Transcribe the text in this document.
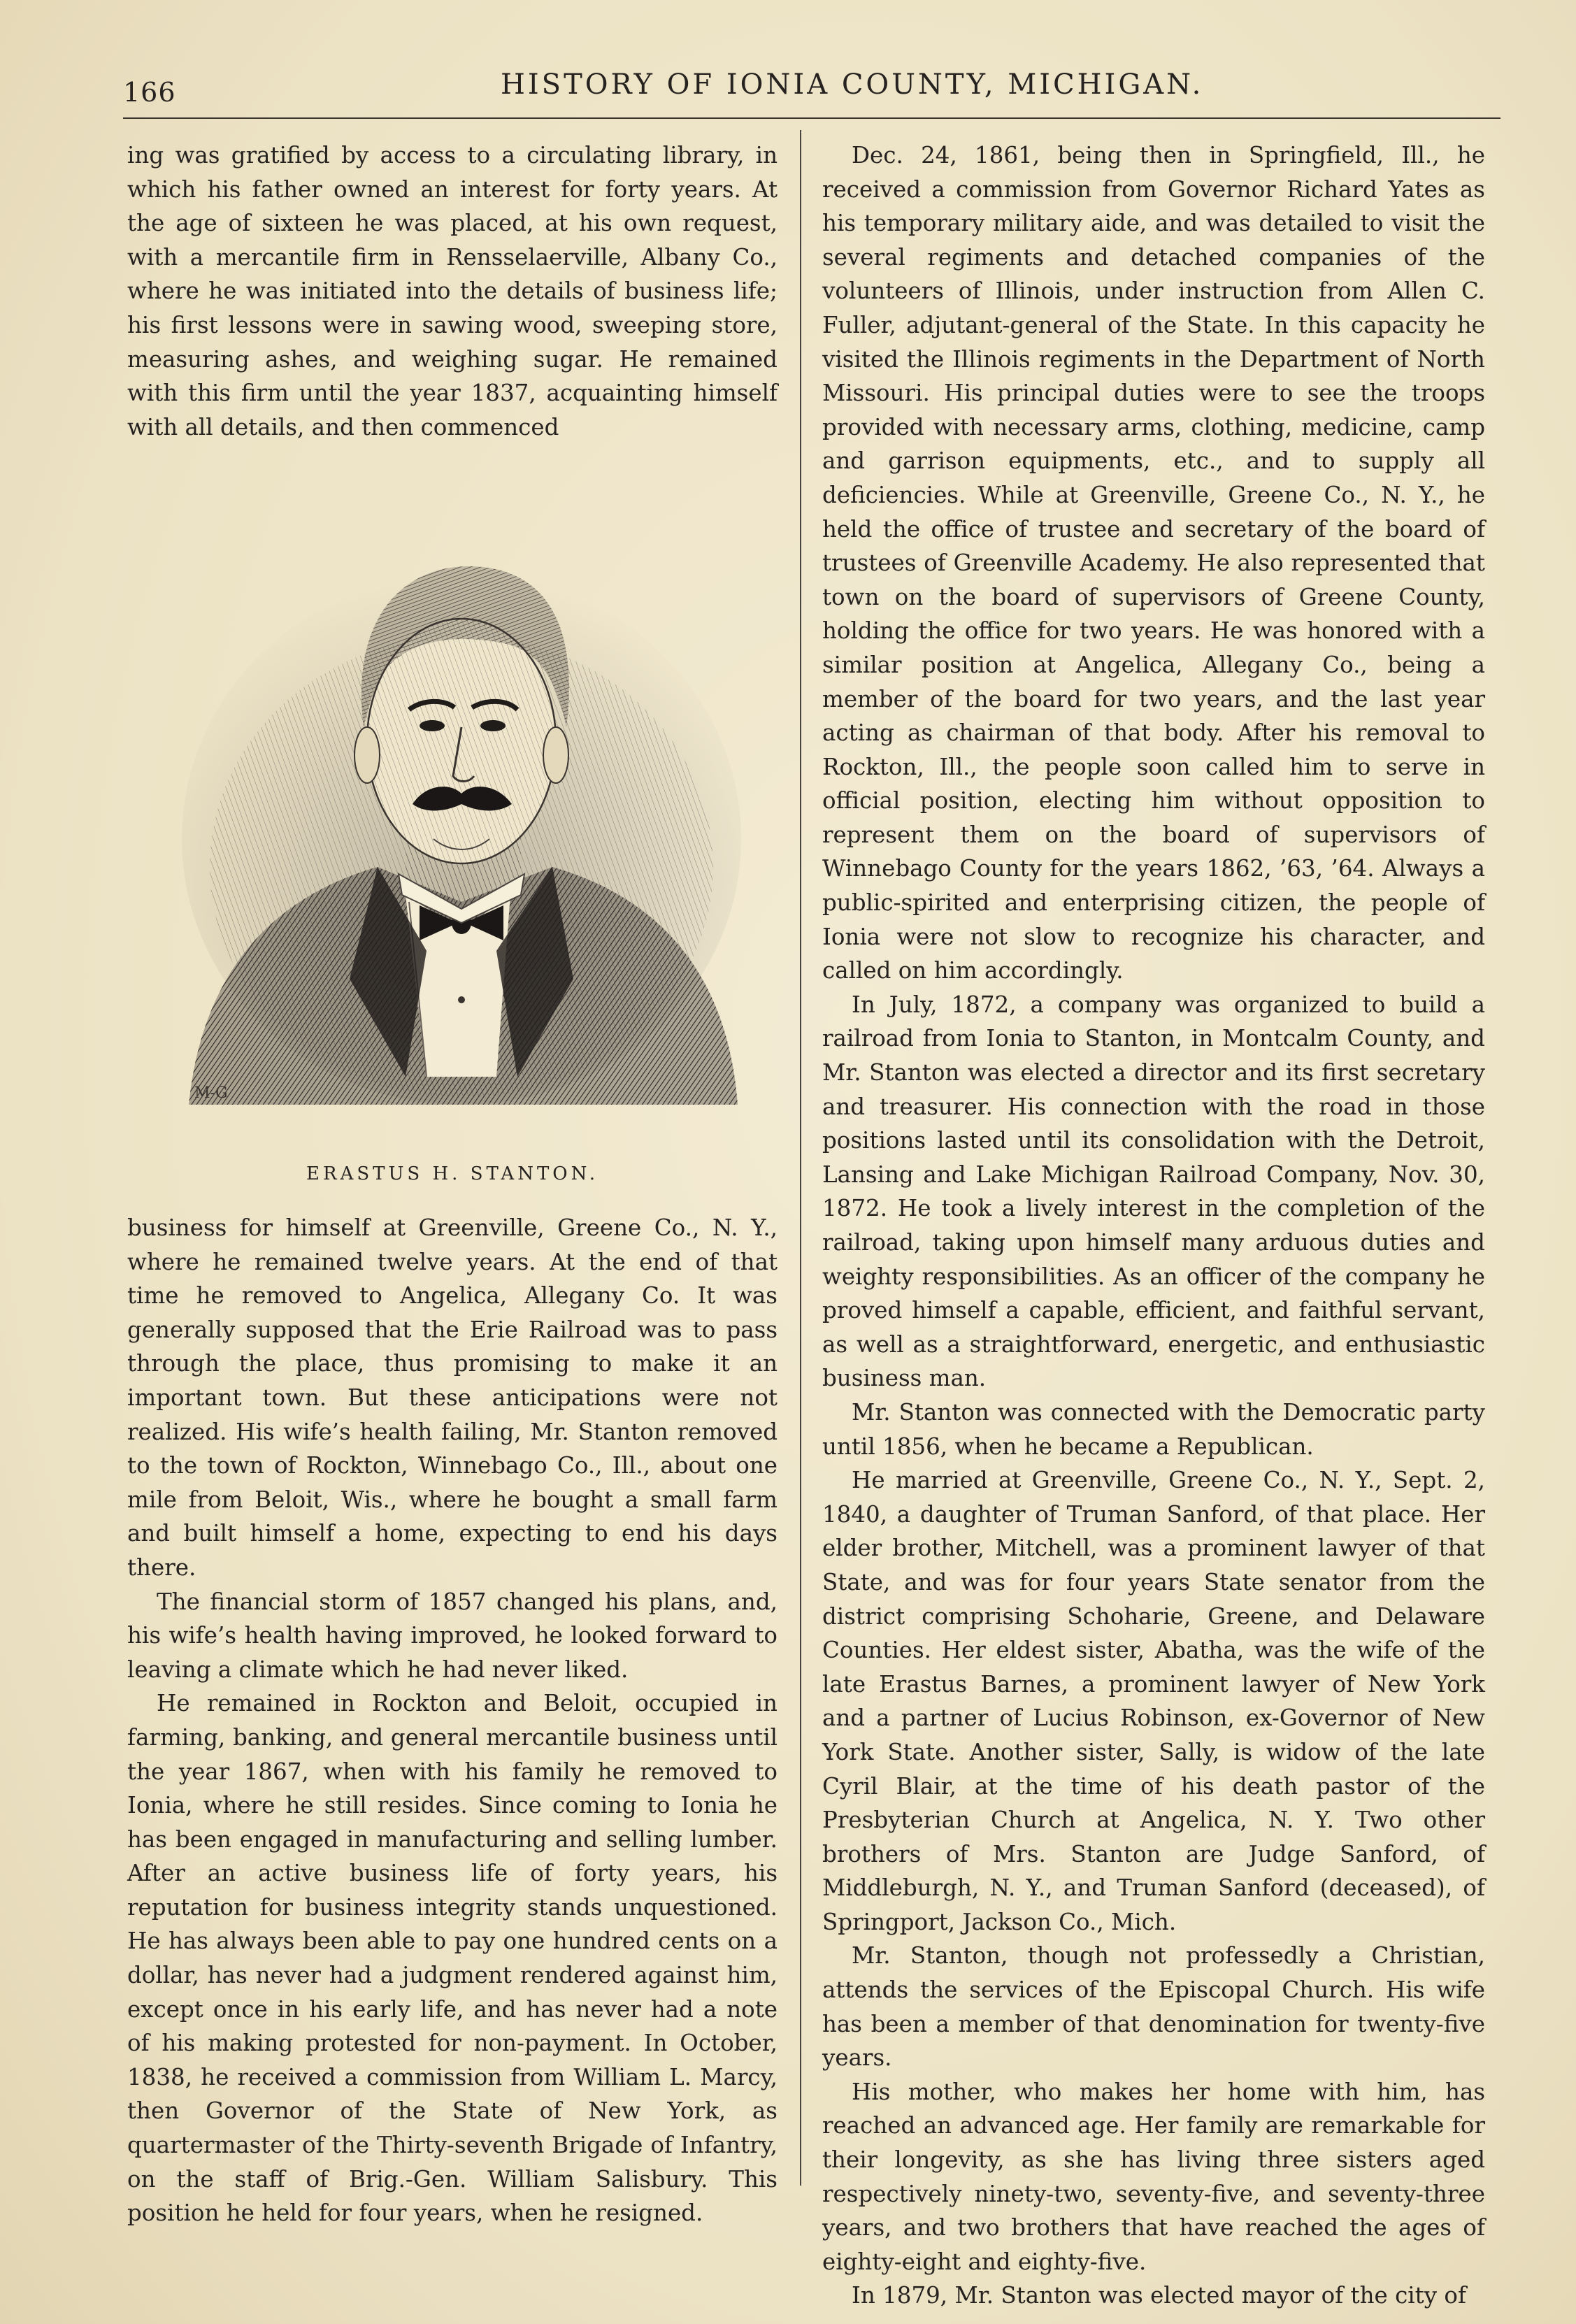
166	HISTORY OF IONIA COUNTY, MICHIGAN.

ing was gratified by access to a circulating library, in which his father owned an interest for forty years. At the age of sixteen he was placed, at his own request, with a mercantile firm in Rensselaerville, Albany Co., where he was initiated into the details of business life; his first lessons were in sawing wood, sweeping store, measuring ashes, and weighing sugar. He remained with this firm until the year 1837, acquainting himself with all details, and then commenced

M-G
ERASTUS H. STANTON.

business for himself at Greenville, Greene Co., N. Y., where he remained twelve years. At the end of that time he removed to Angelica, Allegany Co. It was generally supposed that the Erie Railroad was to pass through the place, thus promising to make it an important town. But these anticipations were not realized. His wife’s health failing, Mr. Stanton removed to the town of Rockton, Winnebago Co., Ill., about one mile from Beloit, Wis., where he bought a small farm and built himself a home, expecting to end his days there.

The financial storm of 1857 changed his plans, and, his wife’s health having improved, he looked forward to leaving a climate which he had never liked.

He remained in Rockton and Beloit, occupied in farming, banking, and general mercantile business until the year 1867, when with his family he removed to Ionia, where he still resides. Since coming to Ionia he has been engaged in manufacturing and selling lumber. After an active business life of forty years, his reputation for business integrity stands unquestioned. He has always been able to pay one hundred cents on a dollar, has never had a judgment rendered against him, except once in his early life, and has never had a note of his making protested for non-payment. In October, 1838, he received a commission from William L. Marcy, then Governor of the State of New York, as quartermaster of the Thirty-seventh Brigade of Infantry, on the staff of Brig.-Gen. William Salisbury. This position he held for four years, when he resigned.

Dec. 24, 1861, being then in Springfield, Ill., he received a commission from Governor Richard Yates as his temporary military aide, and was detailed to visit the several regiments and detached companies of the volunteers of Illinois, under instruction from Allen C. Fuller, adjutant-general of the State. In this capacity he visited the Illinois regiments in the Department of North Missouri. His principal duties were to see the troops provided with necessary arms, clothing, medicine, camp and garrison equipments, etc., and to supply all deficiencies. While at Greenville, Greene Co., N. Y., he held the office of trustee and secretary of the board of trustees of Greenville Academy. He also represented that town on the board of supervisors of Greene County, holding the office for two years. He was honored with a similar position at Angelica, Allegany Co., being a member of the board for two years, and the last year acting as chairman of that body. After his removal to Rockton, Ill., the people soon called him to serve in official position, electing him without opposition to represent them on the board of supervisors of Winnebago County for the years 1862, ’63, ’64. Always a public-spirited and enterprising citizen, the people of Ionia were not slow to recognize his character, and called on him accordingly.

In July, 1872, a company was organized to build a railroad from Ionia to Stanton, in Montcalm County, and Mr. Stanton was elected a director and its first secretary and treasurer. His connection with the road in those positions lasted until its consolidation with the Detroit, Lansing and Lake Michigan Railroad Company, Nov. 30, 1872. He took a lively interest in the completion of the railroad, taking upon himself many arduous duties and weighty responsibilities. As an officer of the company he proved himself a capable, efficient, and faithful servant, as well as a straightforward, energetic, and enthusiastic business man.

Mr. Stanton was connected with the Democratic party until 1856, when he became a Republican.

He married at Greenville, Greene Co., N. Y., Sept. 2, 1840, a daughter of Truman Sanford, of that place. Her elder brother, Mitchell, was a prominent lawyer of that State, and was for four years State senator from the district comprising Schoharie, Greene, and Delaware Counties. Her eldest sister, Abatha, was the wife of the late Erastus Barnes, a prominent lawyer of New York and a partner of Lucius Robinson, ex-Governor of New York State. Another sister, Sally, is widow of the late Cyril Blair, at the time of his death pastor of the Presbyterian Church at Angelica, N. Y. Two other brothers of Mrs. Stanton are Judge Sanford, of Middleburgh, N. Y., and Truman Sanford (deceased), of Springport, Jackson Co., Mich.

Mr. Stanton, though not professedly a Christian, attends the services of the Episcopal Church. His wife has been a member of that denomination for twenty-five years.

His mother, who makes her home with him, has reached an advanced age. Her family are remarkable for their longevity, as she has living three sisters aged respectively ninety-two, seventy-five, and seventy-three years, and two brothers that have reached the ages of eighty-eight and eighty-five.

In 1879, Mr. Stanton was elected mayor of the city of
